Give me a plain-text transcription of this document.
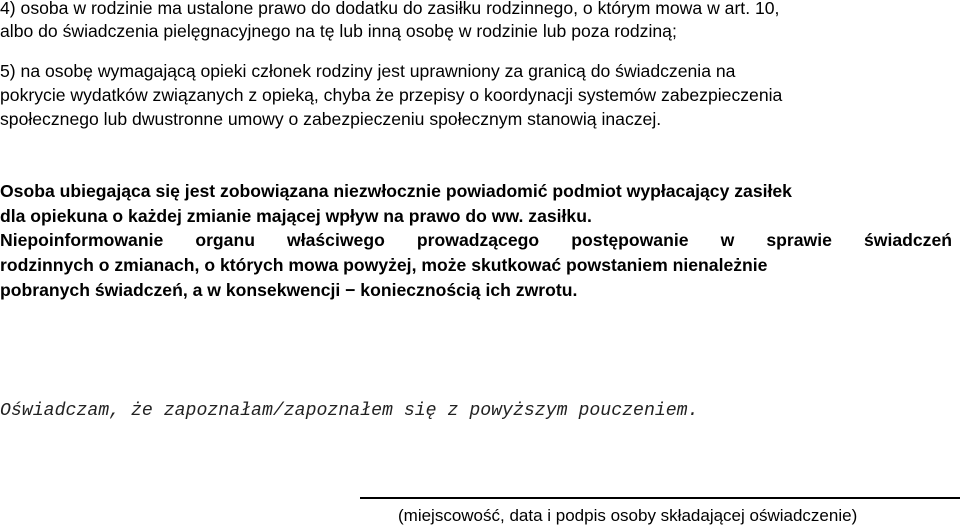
4) osoba w rodzinie ma ustalone prawo do dodatku do zasiłku rodzinnego, o którym mowa w art. 10,
albo do świadczenia pielęgnacyjnego na tę lub inną osobę w rodzinie lub poza rodziną;
5) na osobę wymagającą opieki członek rodziny jest uprawniony za granicą do świadczenia na
pokrycie wydatków związanych z opieką, chyba że przepisy o koordynacji systemów zabezpieczenia
społecznego lub dwustronne umowy o zabezpieczeniu społecznym stanowią inaczej.
Osoba ubiegająca się jest zobowiązana niezwłocznie powiadomić podmiot wypłacający zasiłek
dla opiekuna o każdej zmianie mającej wpływ na prawo do ww. zasiłku.
Niepoinformowanie organu właściwego prowadzącego postępowanie w sprawie świadczeń
rodzinnych o zmianach, o których mowa powyżej, może skutkować powstaniem nienależnie
pobranych świadczeń, a w konsekwencji − koniecznością ich zwrotu.
Oświadczam, że zapoznałam/zapoznałem się z powyższym pouczeniem.
(miejscowość, data i podpis osoby składającej oświadczenie)
